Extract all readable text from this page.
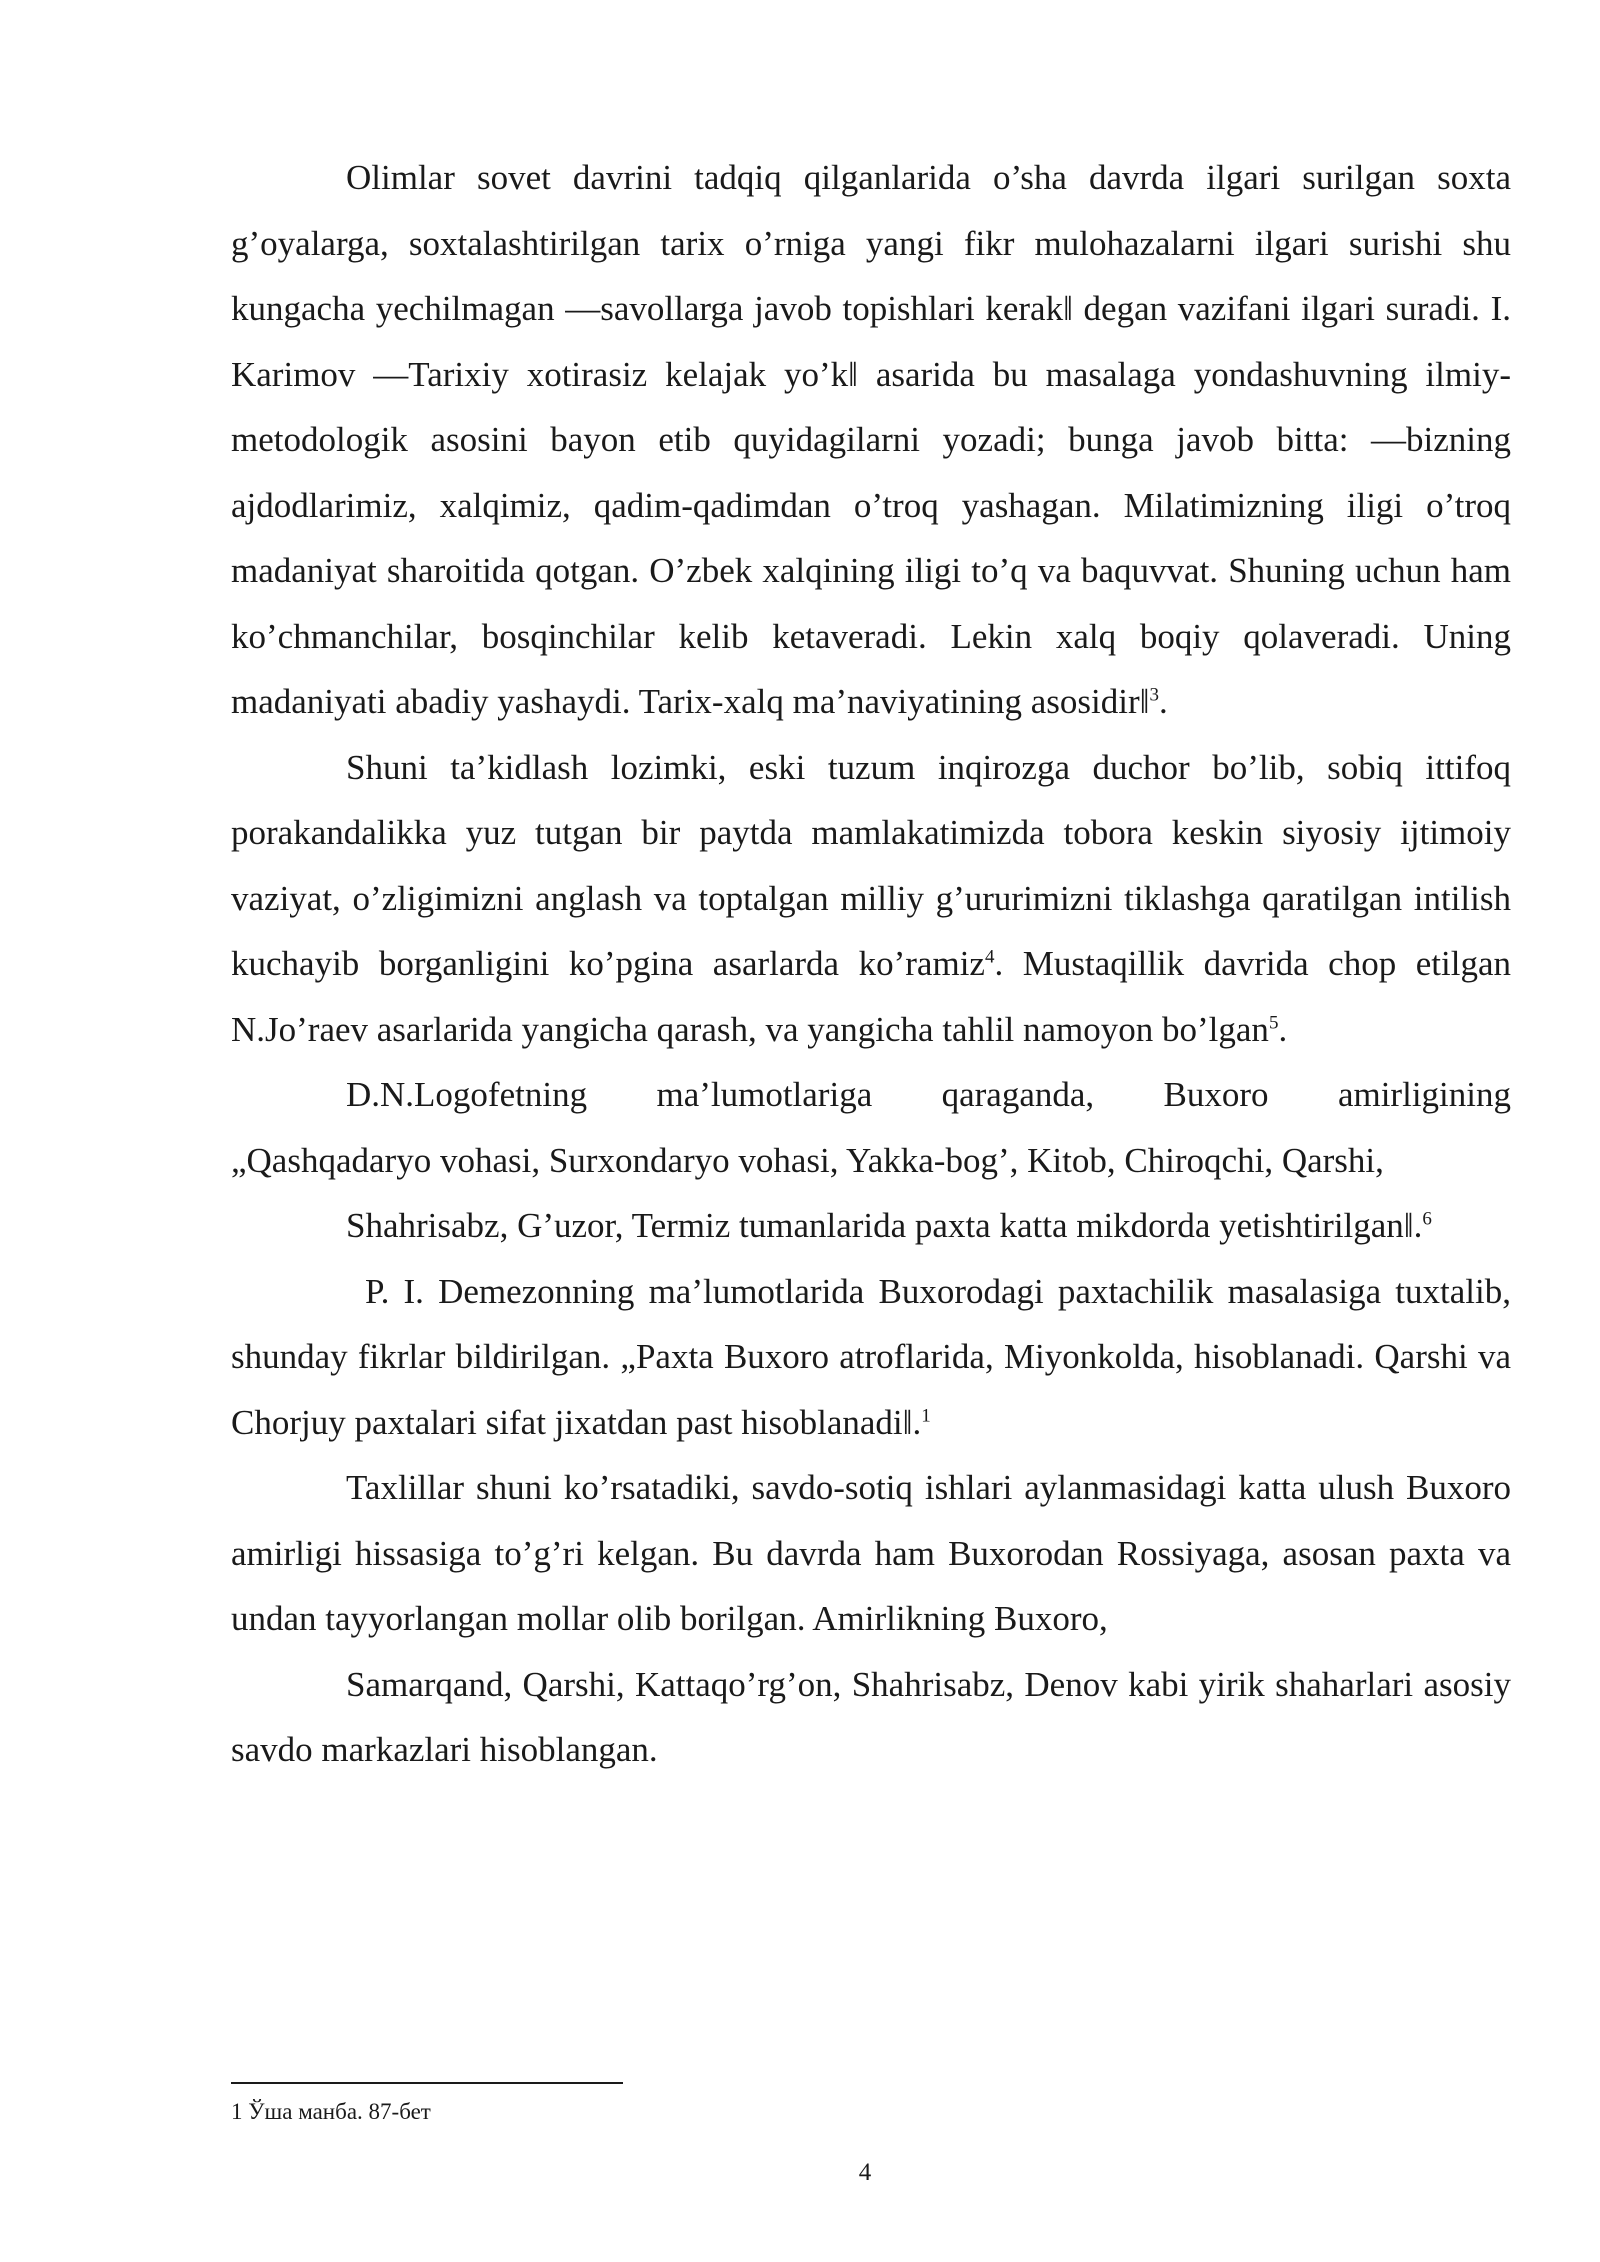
Olimlar sovet davrini tadqiq qilganlarida o’sha davrda ilgari surilgan soxta g’oyalarga, soxtalashtirilgan tarix o’rniga yangi fikr mulohazalarni ilgari surishi shu kungacha yechilmagan ―savollarga javob topishlari kerak‖ degan vazifani ilgari suradi. I. Karimov ―Tarixiy xotirasiz kelajak yo’k‖ asarida bu masalaga yondashuvning ilmiy-metodologik asosini bayon etib quyidagilarni yozadi; bunga javob bitta: ―bizning ajdodlarimiz, xalqimiz, qadim-qadimdan o’troq yashagan. Milatimizning iligi o’troq madaniyat sharoitida qotgan. O’zbek xalqining iligi to’q va baquvvat. Shuning uchun ham ko’chmanchilar, bosqinchilar kelib ketaveradi. Lekin xalq boqiy qolaveradi. Uning madaniyati abadiy yashaydi. Tarix-xalq ma’naviyatining asosidir‖$^3$.

Shuni ta’kidlash lozimki, eski tuzum inqirozga duchor bo’lib, sobiq ittifoq porakandalikka yuz tutgan bir paytda mamlakatimizda tobora keskin siyosiy ijtimoiy vaziyat, o’zligimizni anglash va toptalgan milliy g’ururimizni tiklashga qaratilgan intilish kuchayib borganligini ko’pgina asarlarda ko’ramiz$^4$. Mustaqillik davrida chop etilgan N.Jo’raev asarlarida yangicha qarash, va yangicha tahlil namoyon bo’lgan$^5$.

D.N.Logofetning ma’lumotlariga qaraganda, Buxoro amirligining

„Qashqadaryo vohasi, Surxondaryo vohasi, Yakka-bog’, Kitob, Chiroqchi, Qarshi,

Shahrisabz, G’uzor, Termiz tumanlarida paxta katta mikdorda yetishtirilgan‖.$^6$

P. I. Demezonning ma’lumotlarida Buxorodagi paxtachilik masalasiga tuxtalib, shunday fikrlar bildirilgan. „Paxta Buxoro atroflarida, Miyonkolda, hisoblanadi. Qarshi va Chorjuy paxtalari sifat jixatdan past hisoblanadi‖.$^1$

Taxlillar shuni ko’rsatadiki, savdo-sotiq ishlari aylanmasidagi katta ulush Buxoro amirligi hissasiga to’g’ri kelgan. Bu davrda ham Buxorodan Rossiyaga, asosan paxta va undan tayyorlangan mollar olib borilgan. Amirlikning Buxoro,

Samarqand, Qarshi, Kattaqo’rg’on, Shahrisabz, Denov kabi yirik shaharlari asosiy savdo markazlari hisoblangan.

1 Ўша манба. 87-бет

4
